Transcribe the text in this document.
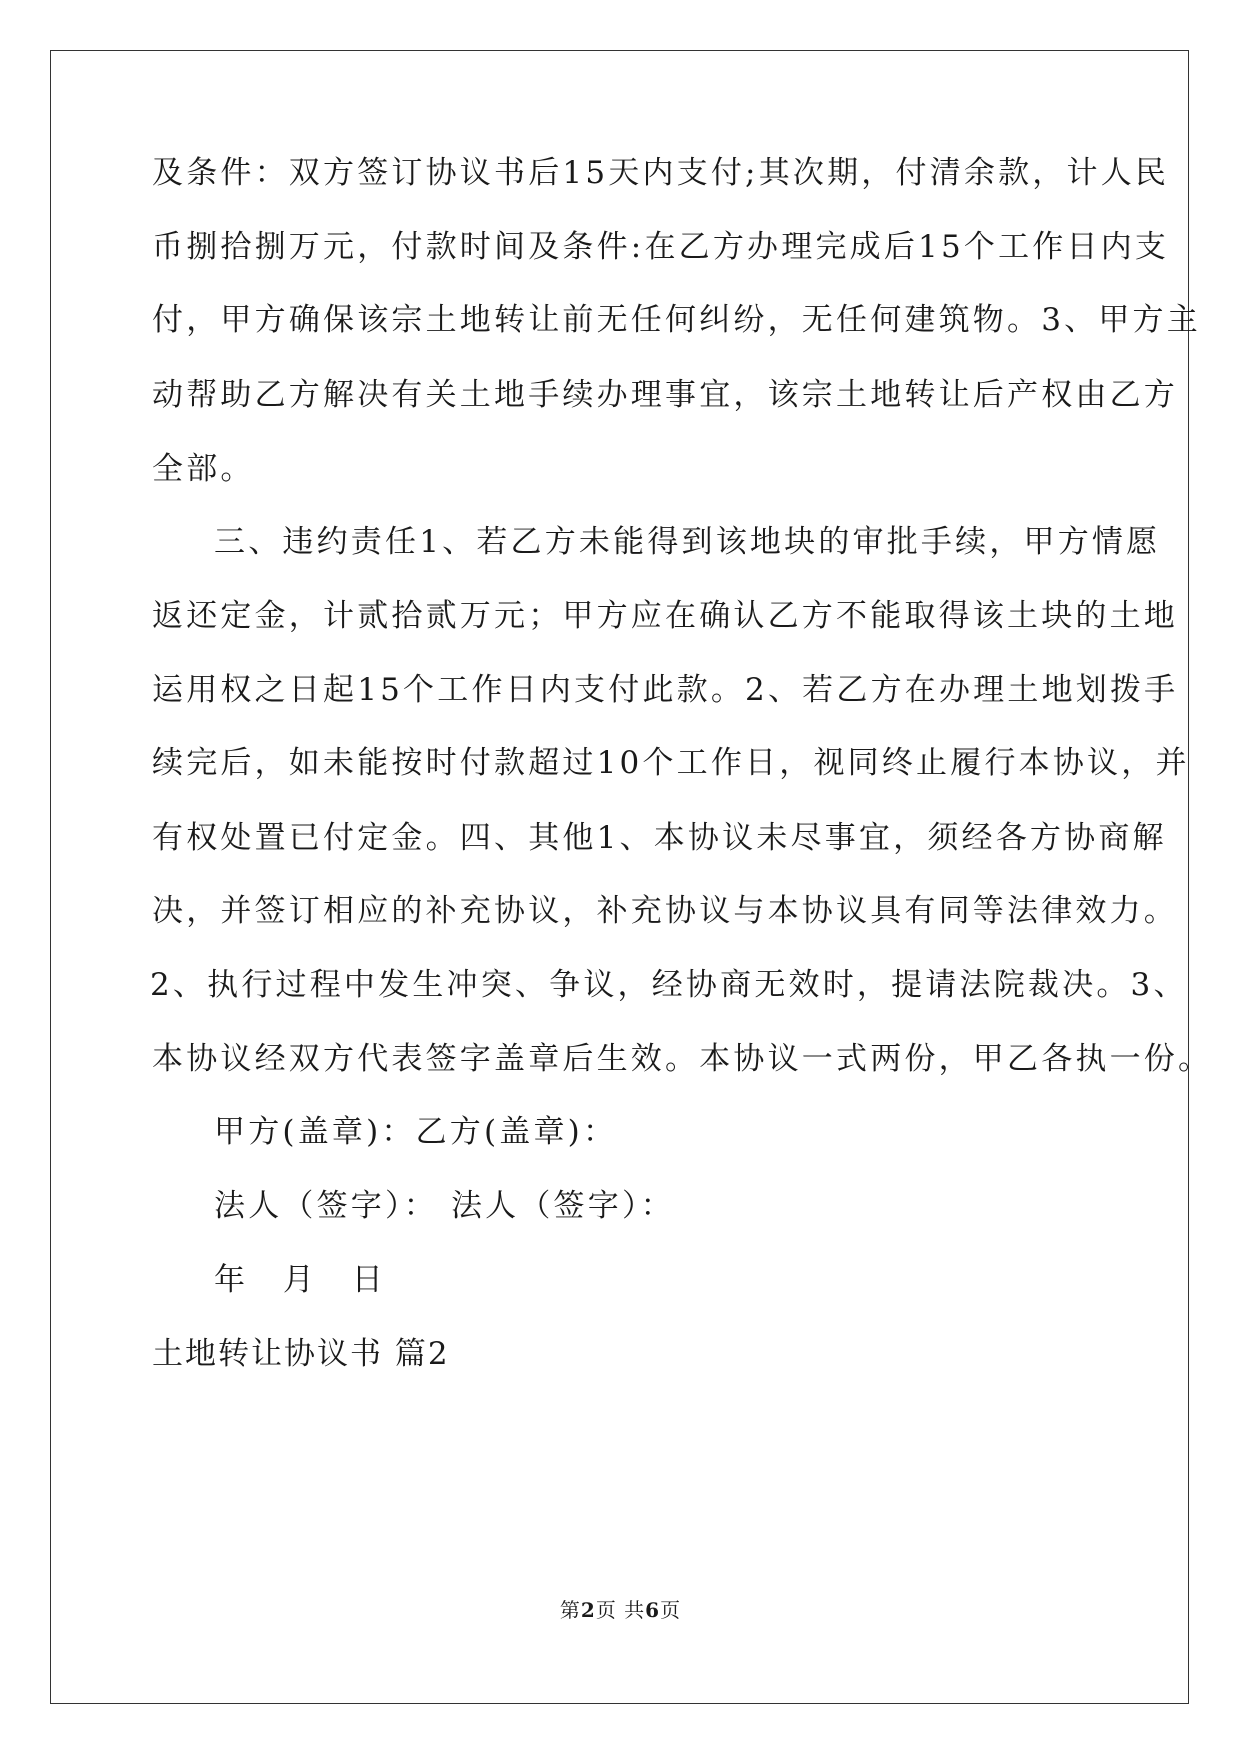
及条件：双方签订协议书后15天内支付;其次期，付清余款，计人民
币捌拾捌万元，付款时间及条件:在乙方办理完成后15个工作日内支
付，甲方确保该宗土地转让前无任何纠纷，无任何建筑物。3、甲方主
动帮助乙方解决有关土地手续办理事宜，该宗土地转让后产权由乙方
全部。
三、违约责任1、若乙方未能得到该地块的审批手续，甲方情愿
返还定金，计贰拾贰万元；甲方应在确认乙方不能取得该土块的土地
运用权之日起15个工作日内支付此款。2、若乙方在办理土地划拨手
续完后，如未能按时付款超过10个工作日，视同终止履行本协议，并
有权处置已付定金。四、其他1、本协议未尽事宜，须经各方协商解
决，并签订相应的补充协议，补充协议与本协议具有同等法律效力。
2、执行过程中发生冲突、争议，经协商无效时，提请法院裁决。3、
本协议经双方代表签字盖章后生效。本协议一式两份，甲乙各执一份。
甲方(盖章)：乙方(盖章)：
法人（签字）： 法人（签字）：
年 月 日
土地转让协议书 篇2
第2页 共6页
